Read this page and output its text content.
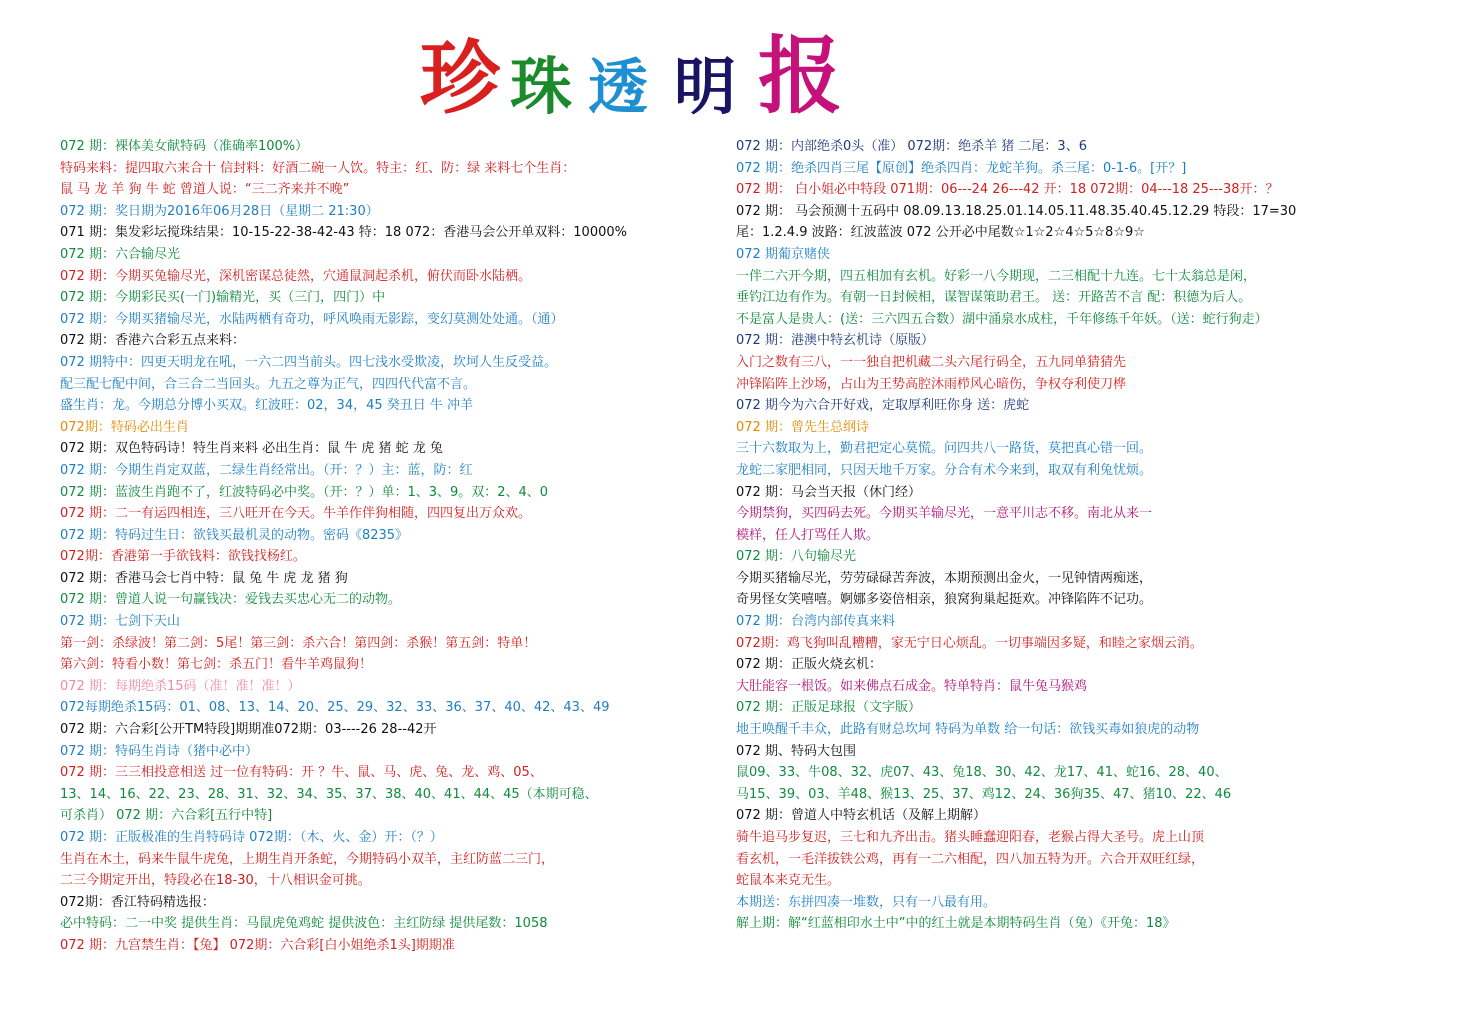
珍 珠 透 明 报
072 期：裸体美女献特码（准确率100%）
特码来料：提四取六来合十 信封料：好酒二碗一人饮。特主：红、防：绿 来料七个生肖：
鼠 马 龙 羊 狗 牛 蛇 曾道人说：“三二齐来并不晚”
072 期：奖日期为2016年06月28日（星期二 21:30）
071 期：集发彩坛搅珠结果：10-15-22-38-42-43 特：18 072：香港马会公开单双料：10000%
072 期：六合输尽光
072 期：今期买兔输尽光，深机密谋总徒然，穴通鼠洞起杀机，俯伏而卧水陆栖。
072 期：今期彩民买(一门)输精光，买（三门，四门）中
072 期：今期买猪输尽光，水陆两栖有奇功，呼风唤雨无影踪，变幻莫测处处通。（通）
072 期：香港六合彩五点来料：
072 期特中：四更天明龙在吼，一六二四当前头。四七浅水受欺凌，坎坷人生反受益。
配三配七配中间，合三合二当回头。九五之尊为正气，四四代代富不言。
盛生肖：龙。今期总分博小买双。红波旺：02，34，45 癸丑日 牛 冲羊
072期：特码必出生肖
072 期：双色特码诗！特生肖来料 必出生肖：鼠 牛 虎 猪 蛇 龙 兔
072 期：今期生肖定双蓝，二绿生肖经常出。（开：？）主：蓝，防：红
072 期：蓝波生肖跑不了，红波特码必中奖。（开：？）单：1、3、9。双：2、4、0
072 期：二一有运四相连，三八旺开在今天。牛羊作伴狗相随，四四复出万众欢。
072 期：特码过生日：欲钱买最机灵的动物。密码《8235》
072期：香港第一手欲钱料：欲钱找杨红。
072 期：香港马会七肖中特：鼠 兔 牛 虎 龙 猪 狗
072 期：曾道人说一句赢钱决：爱钱去买忠心无二的动物。
072 期：七剑下天山
第一剑：杀绿波！第二剑：5尾！第三剑：杀六合！第四剑：杀猴！第五剑：特单！
第六剑：特看小数！第七剑：杀五门！看牛羊鸡鼠狗！
072 期：每期绝杀15码（准！准！准！）
072每期绝杀15码：01、08、13、14、20、25、29、32、33、36、37、40、42、43、49
072 期：六合彩[公开TM特段]期期准072期：03----26 28--42开
072 期：特码生肖诗（猪中必中）
072 期：三三相投意相送 过一位有特码：开 ？牛、鼠、马、虎、兔、龙、鸡、05、
13、14、16、22、23、28、31、32、34、35、37、38、40、41、44、45（本期可稳、
可杀肖） 072 期：六合彩[五行中特]
072 期：正版极准的生肖特码诗 072期：（木、火、金）开：（？）
生肖在木土，码来牛鼠牛虎兔，上期生肖开条蛇，今期特码小双羊，主红防蓝二三门，
二三今期定开出，特段必在18-30，十八相识金可挑。
072期：香江特码精选报：
必中特码：二一中奖 提供生肖：马鼠虎兔鸡蛇 提供波色：主红防绿 提供尾数：1058
072 期：九宫禁生肖：【兔】 072期：六合彩[白小姐绝杀1头]期期准
072 期：内部绝杀0头（准） 072期：绝杀羊 猪 二尾：3、6
072 期：绝杀四肖三尾【原创】绝杀四肖：龙蛇羊狗。杀三尾：0-1-6。[开？]
072 期： 白小姐必中特段 071期：06---24 26---42 开：18 072期：04---18 25---38开：？
072 期： 马会预测十五码中 08.09.13.18.25.01.14.05.11.48.35.40.45.12.29 特段：17=30
尾：1.2.4.9 波路：红波蓝波 072 公开必中尾数☆1☆2☆4☆5☆8☆9☆
072 期葡京赌侠
一伴二六开今期，四五相加有玄机。好彩一八今期现，二三相配十九连。七十太翁总是闲，
垂钓江边有作为。有朝一日封候相，谋智谋策助君王。 送：开路苦不言 配：积德为后人。
不是富人是贵人：(送：三六四五合数）湖中涌泉水成柱，千年修练千年妖。（送：蛇行狗走）
072 期：港澳中特玄机诗（原版）
入门之数有三八，一一独自把机藏二头六尾行码全，五九同单猜猜先
冲锋陷阵上沙场，占山为王势高腔沐雨栉风心暗伤，争权夺利使刀桦
072 期今为六合开好戏，定取厚利旺你身 送：虎蛇
072 期：曾先生总纲诗
三十六数取为上，勤君把定心莫慌。问四共八一路货，莫把真心错一回。
龙蛇二家肥相同，只因天地千万家。分合有术今来到，取双有利兔忧烦。
072 期：马会当天报（休门经）
今期禁狗，买四码去死。今期买羊输尽光，一意平川志不移。南北从来一
模样，任人打骂任人欺。
072 期：八句输尽光
今期买猪输尽光，劳劳碌碌苦奔波，本期预测出金火，一见钟情两痴迷，
奇男怪女笑嘻嘻。婀娜多姿倍相亲，狼窝狗巢起挺欢。冲锋陷阵不记功。
072 期：台湾内部传真来料
072期：鸡飞狗叫乱糟糟，家无宁日心烦乱。一切事端因多疑，和睦之家烟云消。
072 期：正版火烧玄机：
大肚能容一根饭。如来佛点石成金。特单特肖：鼠牛兔马猴鸡
072 期：正版足球报（文字版）
地王唤醒千丰众，此路有财总坎坷 特码为单数 给一句话：欲钱买毒如狼虎的动物
072 期、特码大包围
鼠09、33、牛08、32、虎07、43、兔18、30、42、龙17、41、蛇16、28、40、
马15、39、03、羊48、猴13、25、37、鸡12、24、36狗35、47、猪10、22、46
072 期：曾道人中特玄机话（及解上期解）
骑牛追马步复迟，三七和九齐出击。猪头睡蠢迎阳春，老猴占得大圣号。虎上山顶
看玄机，一毛洋拔铁公鸡，再有一二六相配，四八加五特为开。六合开双旺红绿，
蛇鼠本来克无生。
本期送：东拼四凑一堆数，只有一八最有用。
解上期：解“红蓝相印水土中”中的红土就是本期特码生肖（兔）《开兔：18》
